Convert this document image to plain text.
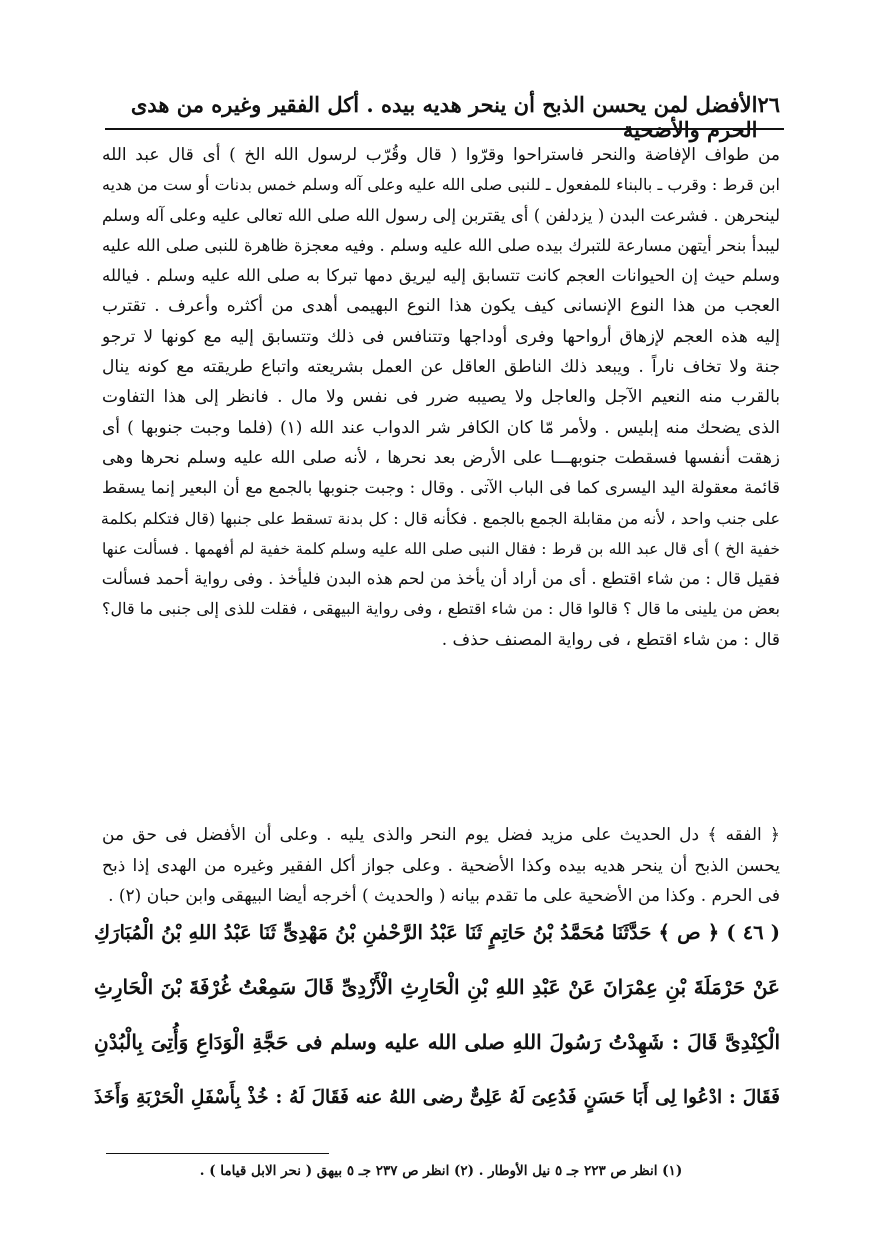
٢٦
الأفضل لمن يحسن الذبح أن ينحر هديه بيده . أكل الفقير وغيره من هدى الحرم والأضحية

من طواف الإفاضة والنحر فاستراحوا وقرّوا ( قال وقُرّب لرسول الله الخ ) أى قال عبد الله

ابن قرط : وقرب ـ بالبناء للمفعول ـ للنبى صلى الله عليه وعلى آله وسلم خمس بدنات أو ست من هديه

لينحرهن . فشرعت البدن ( يزدلفن ) أى يقتربن إلى رسول الله صلى الله تعالى عليه وعلى آله وسلم

ليبدأ بنحر أيتهن مسارعة للتبرك بيده صلى الله عليه وسلم . وفيه معجزة ظاهرة للنبى صلى الله عليه

وسلم حيث إن الحيوانات العجم كانت تتسابق إليه ليريق دمها تبركا به صلى الله عليه وسلم . فيالله

العجب من هذا النوع الإنسانى كيف يكون هذا النوع البهيمى أهدى من أكثره وأعرف . تقترب

إليه هذه العجم لإزهاق أرواحها وفرى أوداجها وتتنافس فى ذلك وتتسابق إليه مع كونها لا ترجو

جنة ولا تخاف ناراً . ويبعد ذلك الناطق العاقل عن العمل بشريعته واتباع طريقته مع كونه ينال

بالقرب منه النعيم الآجل والعاجل ولا يصيبه ضرر فى نفس ولا مال . فانظر إلى هذا التفاوت

الذى يضحك منه إبليس . ولأمر مّا كان الكافر شر الدواب عند الله (١) (فلما وجبت جنوبها ) أى

زهقت أنفسها فسقطت جنوبهـــا على الأرض بعد نحرها ، لأنه صلى الله عليه وسلم نحرها وهى

قائمة معقولة اليد اليسرى كما فى الباب الآتى . وقال : وجبت جنوبها بالجمع مع أن البعير إنما يسقط

على جنب واحد ، لأنه من مقابلة الجمع بالجمع . فكأنه قال : كل بدنة تسقط على جنبها (قال فتكلم بكلمة

خفية الخ ) أى قال عبد الله بن قرط : فقال النبى صلى الله عليه وسلم كلمة خفية لم أفهمها . فسألت عنها

فقيل قال : من شاء اقتطع . أى من أراد أن يأخذ من لحم هذه البدن فليأخذ . وفى رواية أحمد فسألت

بعض من يلينى ما قال ؟ قالوا قال : من شاء اقتطع ، وفى رواية البيهقى ، فقلت للذى إلى جنبى ما قال؟

قال : من شاء اقتطع ، فى رواية المصنف حذف .

﴿ الفقه ﴾ دل الحديث على مزيد فضل يوم النحر والذى يليه . وعلى أن الأفضل فى حق من

يحسن الذبح أن ينحر هديه بيده وكذا الأضحية . وعلى جواز أكل الفقير وغيره من الهدى إذا ذبح

فى الحرم . وكذا من الأضحية على ما تقدم بيانه ( والحديث ) أخرجه أيضا البيهقى وابن حبان (٢) .

( ٤٦ ) ﴿ ص ﴾ حَدَّثَنَا مُحَمَّدُ بْنُ حَاتِمٍ ثَنَا عَبْدُ الرَّحْمٰنِ بْنُ مَهْدِىٍّ ثَنَا عَبْدُ اللهِ بْنُ الْمُبَارَكِ

عَنْ حَرْمَلَةَ بْنِ عِمْرَانَ عَنْ عَبْدِ اللهِ بْنِ الْحَارِثِ الْأَزْدِىِّ قَالَ سَمِعْتُ غُرْفَةَ بْنَ الْحَارِثِ

الْكِنْدِىَّ قَالَ : شَهِدْتُ رَسُولَ اللهِ صلى الله عليه وسلم فى حَجَّةِ الْوَدَاعِ وَأُتِىَ بِالْبُدْنِ

فَقَالَ : ادْعُوا لِى أَبَا حَسَنٍ فَدُعِىَ لَهُ عَلِىٌّ رضى اللهُ عنه فَقَالَ لَهُ : خُذْ بِأَسْفَلِ الْحَرْبَةِ وَأَخَذَ

(١) انظر ص ٢٢٣ جـ ٥ نيل الأوطار . (٢) انظر ص ٢٣٧ جـ ٥ بيهق ( نحر الابل قياما ) .
